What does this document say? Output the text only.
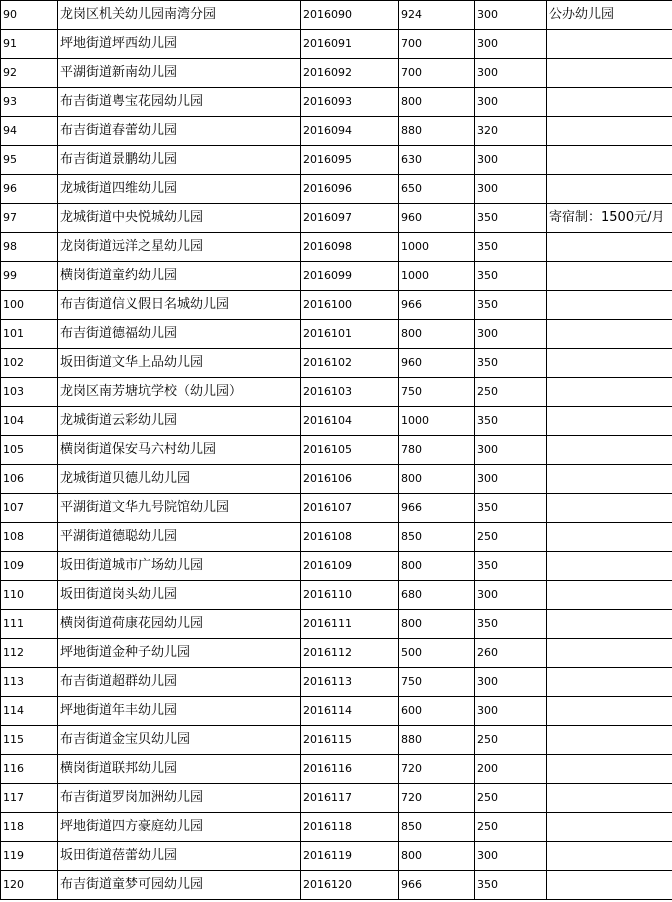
90	龙岗区机关幼儿园南湾分园	2016090	924	300	公办幼儿园
91	坪地街道坪西幼儿园	2016091	700	300	
92	平湖街道新南幼儿园	2016092	700	300	
93	布吉街道粤宝花园幼儿园	2016093	800	300	
94	布吉街道春蕾幼儿园	2016094	880	320	
95	布吉街道景鹏幼儿园	2016095	630	300	
96	龙城街道四维幼儿园	2016096	650	300	
97	龙城街道中央悦城幼儿园	2016097	960	350	寄宿制：1500元/月
98	龙岗街道远洋之星幼儿园	2016098	1000	350	
99	横岗街道童约幼儿园	2016099	1000	350	
100	布吉街道信义假日名城幼儿园	2016100	966	350	
101	布吉街道德福幼儿园	2016101	800	300	
102	坂田街道文华上品幼儿园	2016102	960	350	
103	龙岗区南芳塘坑学校（幼儿园）	2016103	750	250	
104	龙城街道云彩幼儿园	2016104	1000	350	
105	横岗街道保安马六村幼儿园	2016105	780	300	
106	龙城街道贝德儿幼儿园	2016106	800	300	
107	平湖街道文华九号院馆幼儿园	2016107	966	350	
108	平湖街道德聪幼儿园	2016108	850	250	
109	坂田街道城市广场幼儿园	2016109	800	350	
110	坂田街道岗头幼儿园	2016110	680	300	
111	横岗街道荷康花园幼儿园	2016111	800	350	
112	坪地街道金种子幼儿园	2016112	500	260	
113	布吉街道超群幼儿园	2016113	750	300	
114	坪地街道年丰幼儿园	2016114	600	300	
115	布吉街道金宝贝幼儿园	2016115	880	250	
116	横岗街道联邦幼儿园	2016116	720	200	
117	布吉街道罗岗加洲幼儿园	2016117	720	250	
118	坪地街道四方豪庭幼儿园	2016118	850	250	
119	坂田街道蓓蕾幼儿园	2016119	800	300	
120	布吉街道童梦可园幼儿园	2016120	966	350	
